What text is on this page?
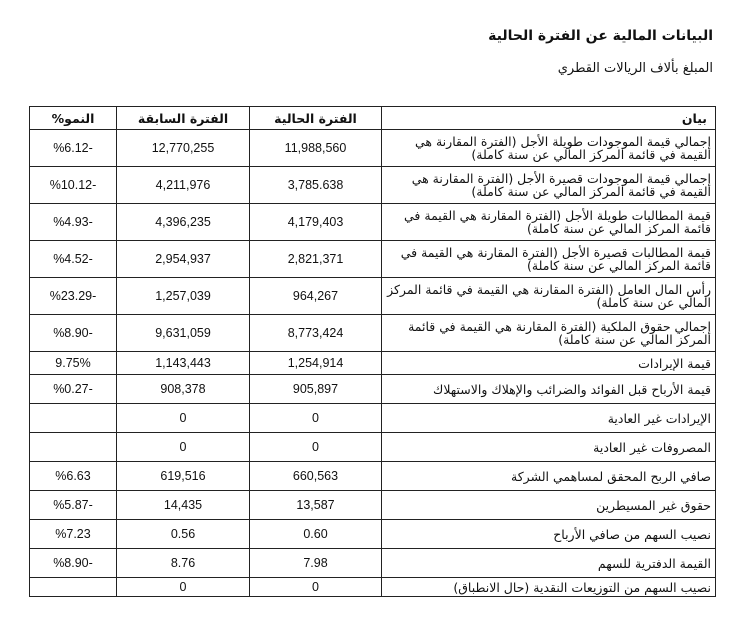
البيانات المالية عن الفترة الحالية
المبلغ بألاف الريالات القطري
بيان	الفترة الحالية	الفترة السابقة	النمو%
إجمالي قيمة الموجودات طويلة الأجل (الفترة المقارنة هي القيمة في قائمة المركز المالي عن سنة كاملة)	11,988,560	12,770,255	%6.12-
إجمالي قيمة الموجودات قصيرة الأجل (الفترة المقارنة هي القيمة في قائمة المركز المالي عن سنة كاملة)	3,785.638	4,211,976	%10.12-
قيمة المطالبات طويلة الأجل (الفترة المقارنة هي القيمة في قائمة المركز المالي عن سنة كاملة)	4,179,403	4,396,235	%4.93-
قيمة المطالبات قصيرة الأجل (الفترة المقارنة هي القيمة في قائمة المركز المالي عن سنة كاملة)	2,821,371	2,954,937	%4.52-
رأس المال العامل (الفترة المقارنة هي القيمة في قائمة المركز المالي عن سنة كاملة)	964,267	1,257,039	%23.29-
إجمالي حقوق الملكية (الفترة المقارنة هي القيمة في قائمة المركز المالي عن سنة كاملة)	8,773,424	9,631,059	%8.90-
قيمة الإيرادات	1,254,914	1,143,443	9.75%
قيمة الأرباح قبل الفوائد والضرائب والإهلاك والاستهلاك	905,897	908,378	%0.27-
الإيرادات غير العادية	0	0	
المصروفات غير العادية	0	0	
صافي الربح المحقق لمساهمي الشركة	660,563	619,516	%6.63
حقوق غير المسيطرين	13,587	14,435	%5.87-
نصيب السهم من صافي الأرباح	0.60	0.56	%7.23
القيمة الدفترية للسهم	7.98	8.76	%8.90-
نصيب السهم من التوزيعات النقدية (حال الانطباق)	0	0	
